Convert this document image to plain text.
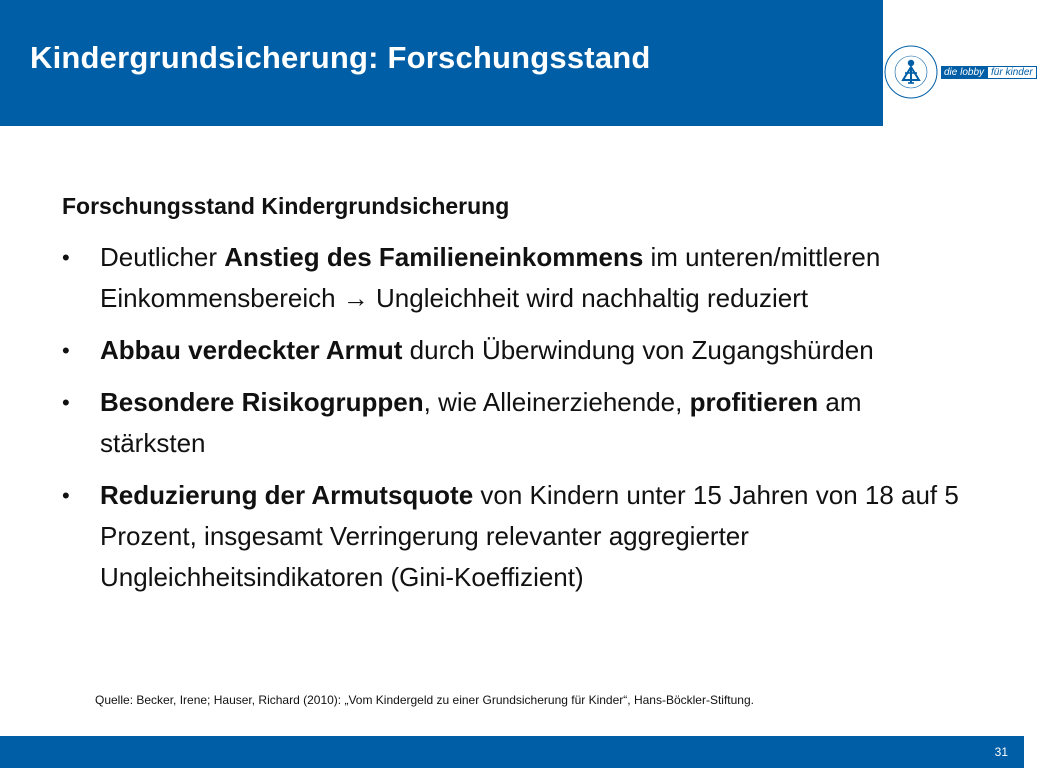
Kindergrundsicherung: Forschungsstand	die lobby für kinder
Forschungsstand Kindergrundsicherung
• Deutlicher Anstieg des Familieneinkommens im unteren/mittleren Einkommensbereich → Ungleichheit wird nachhaltig reduziert
• Abbau verdeckter Armut durch Überwindung von Zugangshürden
• Besondere Risikogruppen, wie Alleinerziehende, profitieren am stärksten
• Reduzierung der Armutsquote von Kindern unter 15 Jahren von 18 auf 5 Prozent, insgesamt Verringerung relevanter aggregierter Ungleichheitsindikatoren (Gini-Koeffizient)
Quelle: Becker, Irene; Hauser, Richard (2010): „Vom Kindergeld zu einer Grundsicherung für Kinder“, Hans-Böckler-Stiftung.
31
